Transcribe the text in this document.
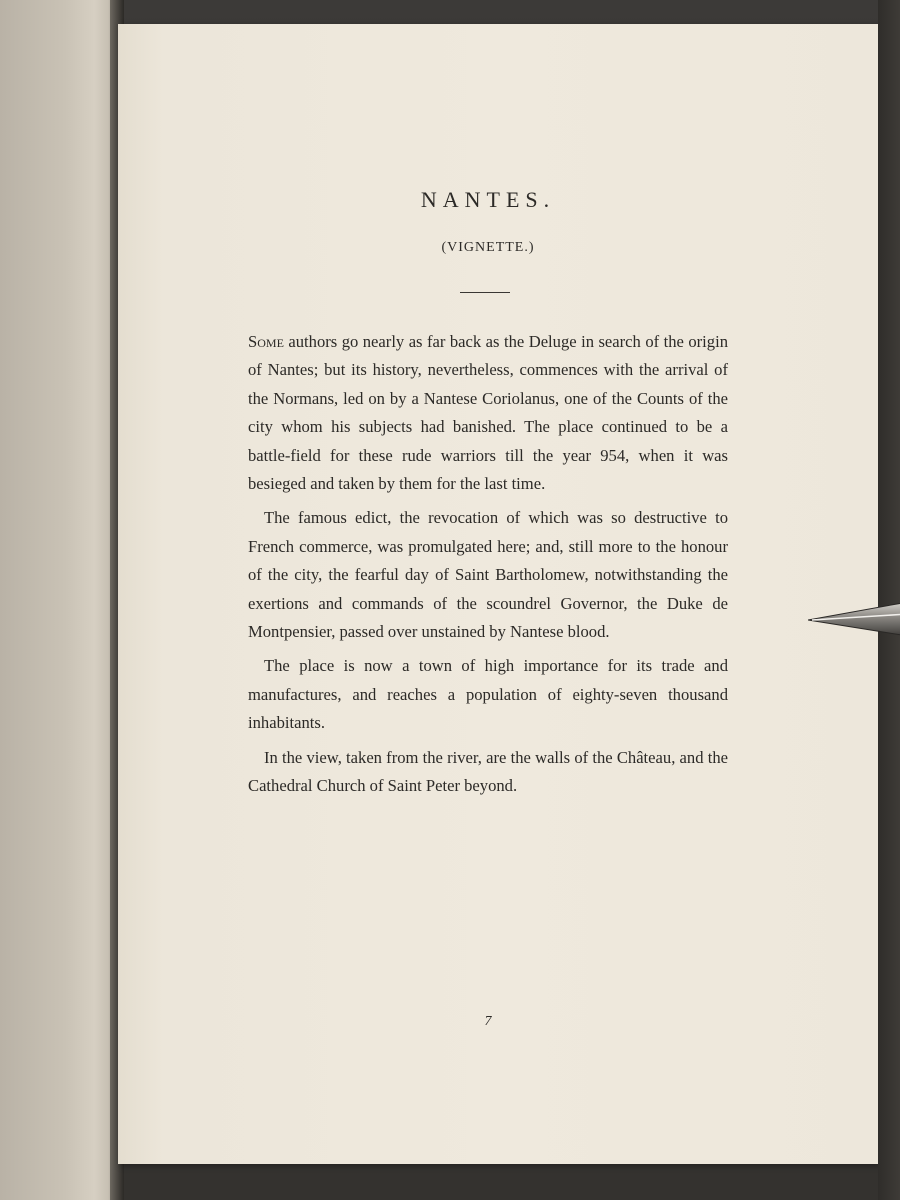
NANTES.
(VIGNETTE.)

Some authors go nearly as far back as the Deluge in search of the origin of Nantes; but its history, nevertheless, commences with the arrival of the Normans, led on by a Nantese Coriolanus, one of the Counts of the city whom his subjects had banished. The place continued to be a battle-field for these rude warriors till the year 954, when it was besieged and taken by them for the last time.

The famous edict, the revocation of which was so destructive to French commerce, was promulgated here; and, still more to the honour of the city, the fearful day of Saint Bartholomew, notwithstanding the exertions and commands of the scoundrel Governor, the Duke de Montpensier, passed over unstained by Nantese blood.

The place is now a town of high importance for its trade and manufactures, and reaches a population of eighty-seven thousand inhabitants.

In the view, taken from the river, are the walls of the Château, and the Cathedral Church of Saint Peter beyond.

7
